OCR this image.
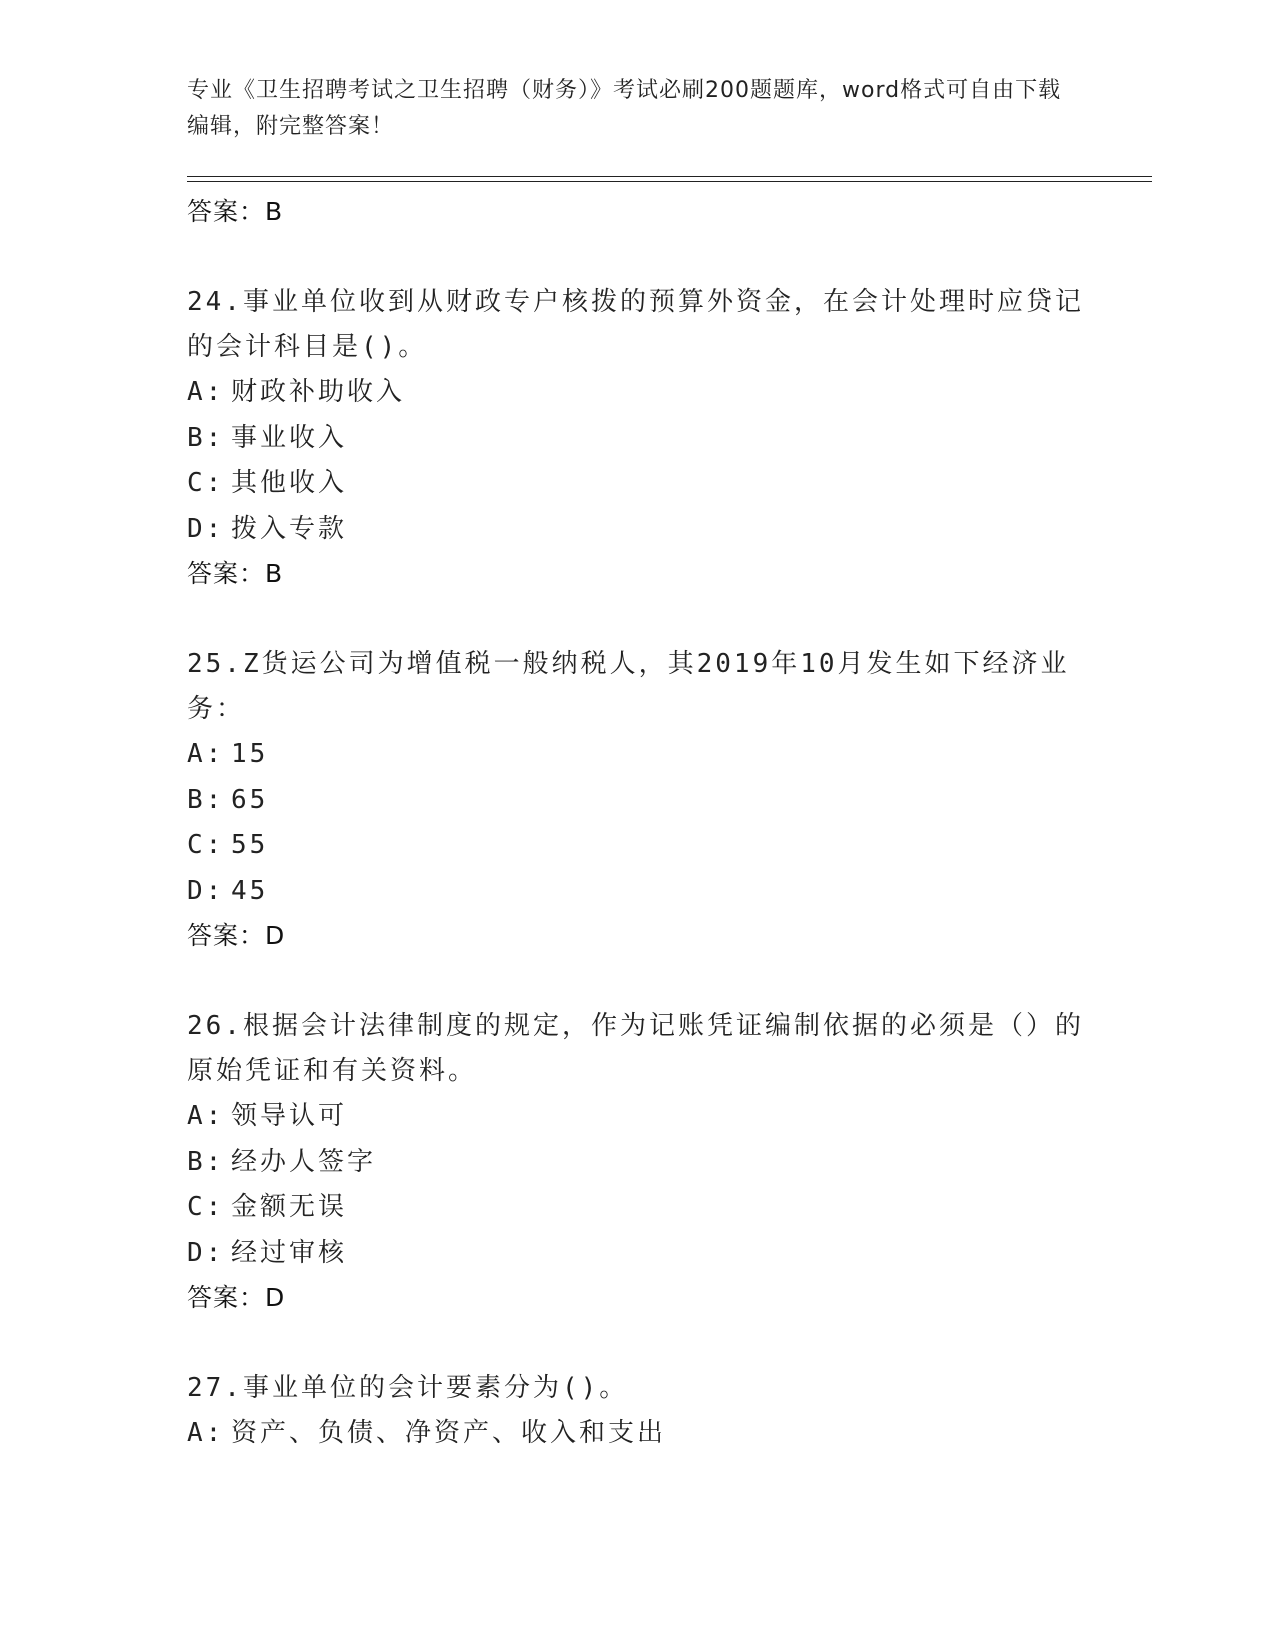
专业《卫生招聘考试之卫生招聘（财务）》考试必刷200题题库，word格式可自由下载编辑，附完整答案！
答案：B
24.事业单位收到从财政专户核拨的预算外资金，在会计处理时应贷记的会计科目是()。
A: 财政补助收入
B: 事业收入
C: 其他收入
D: 拨入专款
答案：B
25.Z货运公司为增值税一般纳税人，其2019年10月发生如下经济业务：
A: 15
B: 65
C: 55
D: 45
答案：D
26.根据会计法律制度的规定，作为记账凭证编制依据的必须是（）的原始凭证和有关资料。
A: 领导认可
B: 经办人签字
C: 金额无误
D: 经过审核
答案：D
27.事业单位的会计要素分为()。
A: 资产、负债、净资产、收入和支出
